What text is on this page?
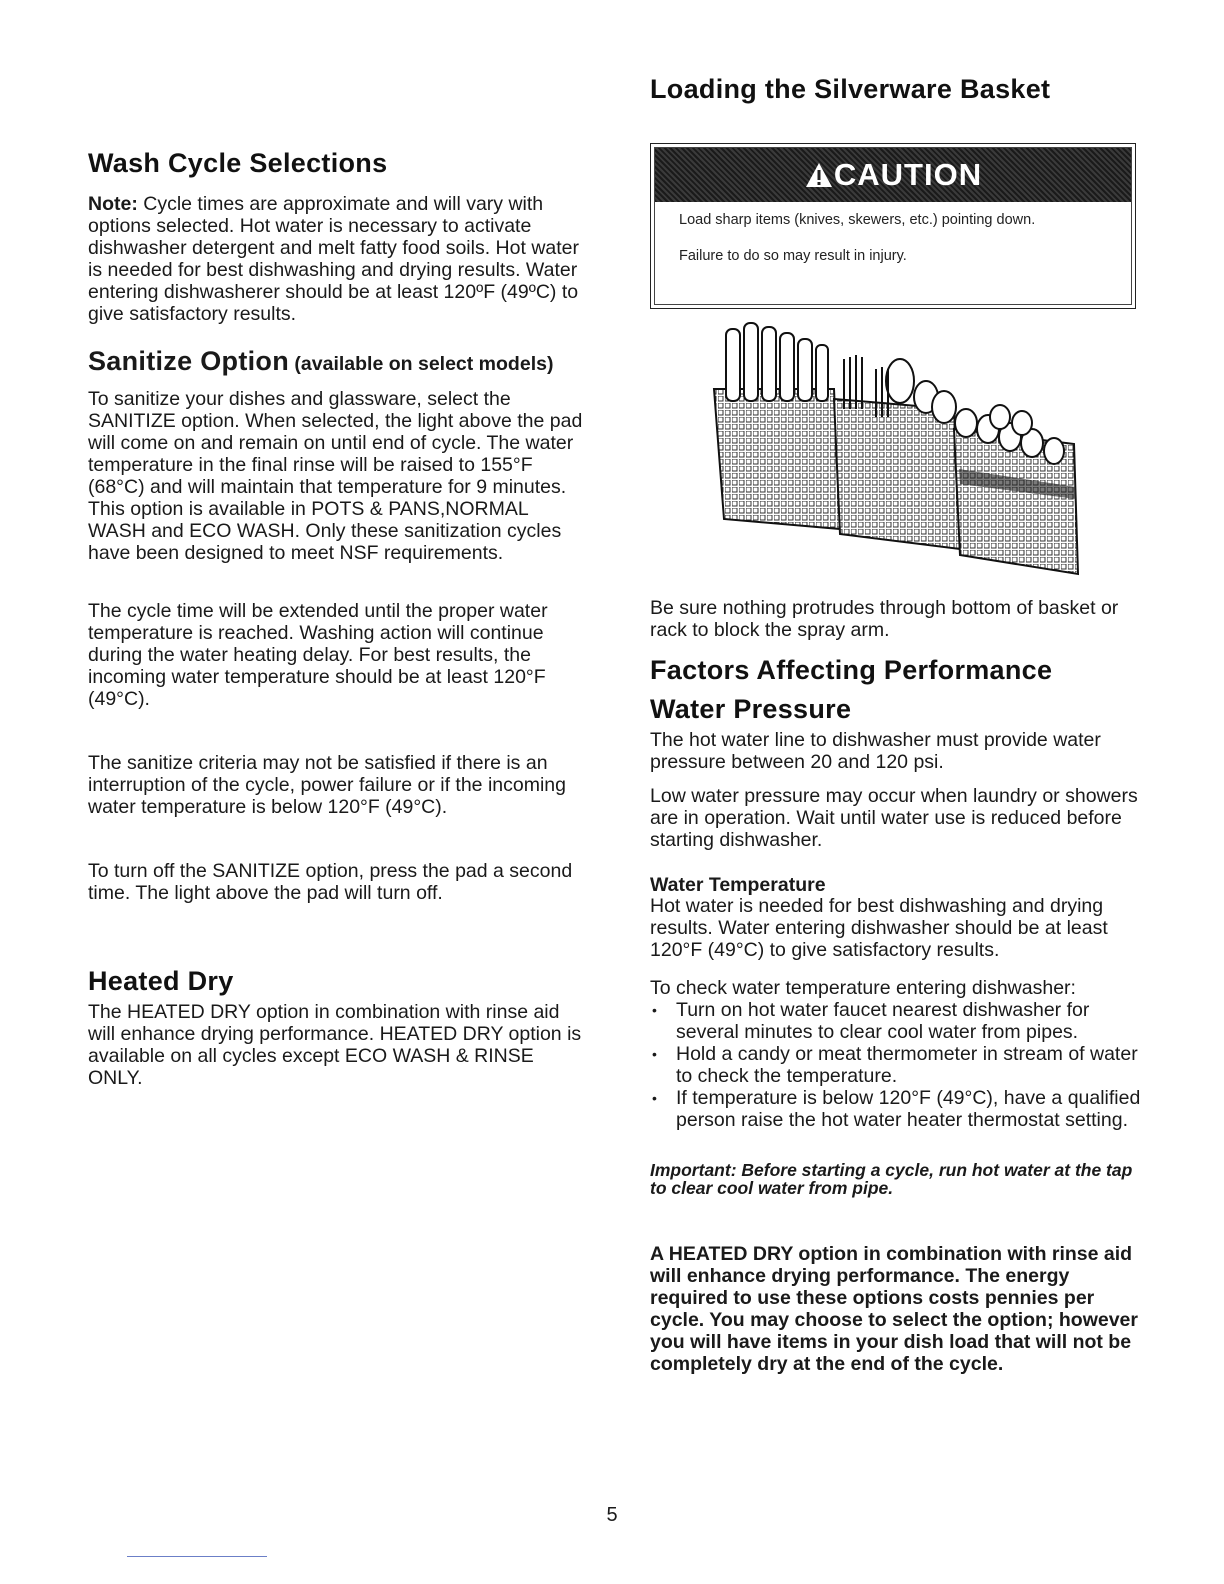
Wash Cycle Selections

Note: Cycle times are approximate and will vary with options selected. Hot water is necessary to activate dishwasher detergent and melt fatty food soils. Hot water is needed for best dishwashing and drying results. Water entering dishwasherer should be at least 120ºF (49ºC) to give satisfactory results.

Sanitize Option (available on select models)

To sanitize your dishes and glassware, select the SANITIZE option. When selected, the light above the pad will come on and remain on until end of cycle. The water temperature in the final rinse will be raised to 155°F (68°C) and will maintain that temperature for 9 minutes. This option is available in POTS & PANS,NORMAL WASH and ECO WASH. Only these sanitization cycles have been designed to meet NSF requirements.

The cycle time will be extended until the proper water temperature is reached. Washing action will continue during the water heating delay. For best results, the incoming water temperature should be at least 120°F (49°C).

The sanitize criteria may not be satisfied if there is an interruption of the cycle, power failure or if the incoming water temperature is below 120°F (49°C).

To turn off the SANITIZE option, press the pad a second time. The light above the pad will turn off.

Heated Dry

The HEATED DRY option in combination with rinse aid will enhance drying performance. HEATED DRY option is available on all cycles except ECO WASH & RINSE ONLY.

Loading the Silverware Basket
CAUTION
Load sharp items (knives, skewers, etc.) pointing down.
Failure to do so may result in injury.

Be sure nothing protrudes through bottom of basket or rack to block the spray arm.

Factors Affecting Performance
Water Pressure

The hot water line to dishwasher must provide water pressure between 20 and 120 psi.

Low water pressure may occur when laundry or showers are in operation. Wait until water use is reduced before starting dishwasher.

Water Temperature

Hot water is needed for best dishwashing and drying results. Water entering dishwasher should be at least 120°F (49°C) to give satisfactory results.

To check water temperature entering dishwasher:

• Turn on hot water faucet nearest dishwasher for several minutes to clear cool water from pipes.
• Hold a candy or meat thermometer in stream of water to check the temperature.
• If temperature is below 120°F (49°C), have a qualified person raise the hot water heater thermostat setting.

Important: Before starting a cycle, run hot water at the tap to clear cool water from pipe.

A HEATED DRY option in combination with rinse aid will enhance drying performance. The energy required to use these options costs pennies per cycle. You may choose to select the option; however you will have items in your dish load that will not be completely dry at the end of the cycle.

5
